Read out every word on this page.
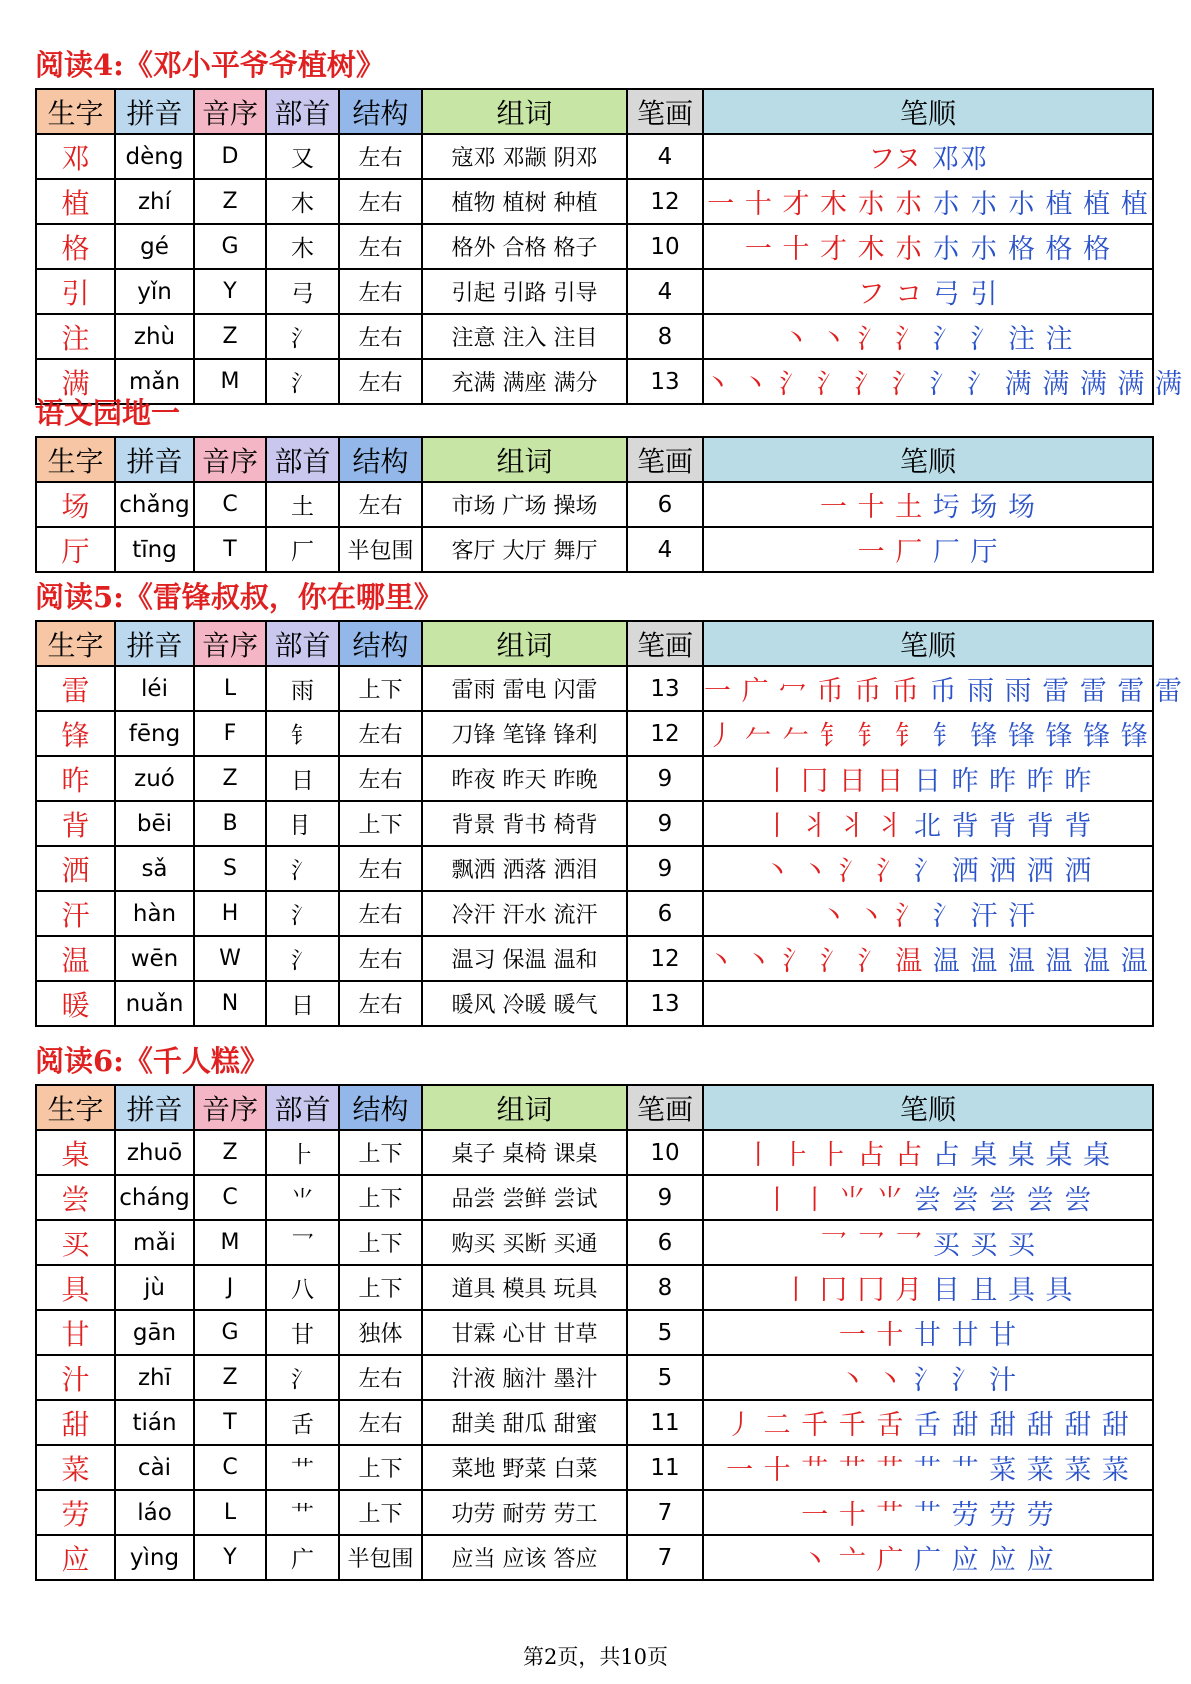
阅读4:《邓小平爷爷植树》
生字	拼音	音序	部首	结构	组词	笔画	笔顺
邓	dèng	D	又	左右	寇邓 邓颛 阴邓	4	フヌ 邓邓
植	zhí	Z	木	左右	植物 植树 种植	12	一 十 才 木 朩 朩 朩 朩 朩 植 植 植
格	gé	G	木	左右	格外 合格 格子	10	一 十 才 木 朩 朩 朩 格 格 格
引	yǐn	Y	弓	左右	引起 引路 引导	4	フ コ 弓 引
注	zhù	Z	氵	左右	注意 注入 注目	8	丶 丶 氵 氵 氵 氵 注 注
满	mǎn	M	氵	左右	充满 满座 满分	13	丶 丶 氵 氵 氵 氵 氵 氵 满 满 满 满 满
语文园地一
生字	拼音	音序	部首	结构	组词	笔画	笔顺
场	chǎng	C	土	左右	市场 广场 操场	6	一 十 土 圬 场 场
厅	tīng	T	厂	半包围	客厅 大厅 舞厅	4	一 厂 厂 厅
阅读5:《雷锋叔叔，你在哪里》
生字	拼音	音序	部首	结构	组词	笔画	笔顺
雷	léi	L	雨	上下	雷雨 雷电 闪雷	13	一 广 冖 币 币 币 币 雨 雨 雷 雷 雷 雷
锋	fēng	F	钅	左右	刀锋 笔锋 锋利	12	丿 𠂉 𠂉 钅 钅 钅 钅 锋 锋 锋 锋 锋
昨	zuó	Z	日	左右	昨夜 昨天 昨晚	9	丨 冂 日 日 日 昨 昨 昨 昨
背	bēi	B	⺝	上下	背景 背书 椅背	9	丨 丬 丬 丬 北 背 背 背 背
洒	sǎ	S	氵	左右	飘洒 洒落 洒泪	9	丶 丶 氵 氵 氵 洒 洒 洒 洒
汗	hàn	H	氵	左右	冷汗 汗水 流汗	6	丶 丶 氵 氵 汗 汗
温	wēn	W	氵	左右	温习 保温 温和	12	丶 丶 氵 氵 氵 温 温 温 温 温 温 温
暖	nuǎn	N	日	左右	暖风 冷暖 暖气	13	
阅读6:《千人糕》
生字	拼音	音序	部首	结构	组词	笔画	笔顺
桌	zhuō	Z	⺊	上下	桌子 桌椅 课桌	10	丨 ⺊ ⺊ 占 占 占 桌 桌 桌 桌
尝	cháng	C	⺌	上下	品尝 尝鲜 尝试	9	丨 丨 ⺌ ⺌ 尝 尝 尝 尝 尝
买	mǎi	M	乛	上下	购买 买断 买通	6	乛 乛 乛 买 买 买
具	jù	J	八	上下	道具 模具 玩具	8	丨 冂 冂 月 目 且 具 具
甘	gān	G	甘	独体	甘霖 心甘 甘草	5	一 十 廿 廿 甘
汁	zhī	Z	氵	左右	汁液 脑汁 墨汁	5	丶 丶 氵 氵 汁
甜	tián	T	舌	左右	甜美 甜瓜 甜蜜	11	丿 二 千 千 舌 舌 甜 甜 甜 甜 甜
菜	cài	C	艹	上下	菜地 野菜 白菜	11	一 十 艹 艹 艹 艹 艹 菜 菜 菜 菜
劳	láo	L	艹	上下	功劳 耐劳 劳工	7	一 十 艹 艹 劳 劳 劳
应	yìng	Y	广	半包围	应当 应该 答应	7	丶 亠 广 广 应 应 应
第2页，共10页
